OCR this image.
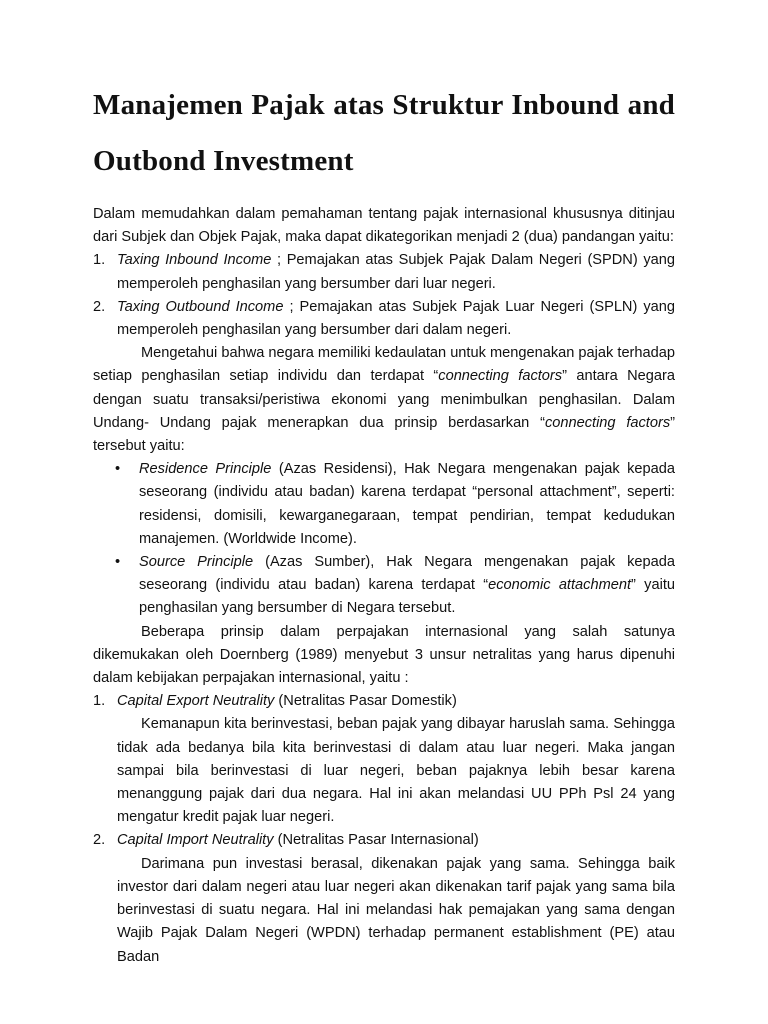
Manajemen Pajak atas Struktur Inbound and Outbond Investment

Dalam memudahkan dalam pemahaman tentang pajak internasional khususnya ditinjau dari Subjek dan Objek Pajak, maka dapat dikategorikan menjadi 2 (dua) pandangan yaitu:

1. Taxing Inbound Income ; Pemajakan atas Subjek Pajak Dalam Negeri (SPDN) yang memperoleh penghasilan yang bersumber dari luar negeri.
2. Taxing Outbound Income ; Pemajakan atas Subjek Pajak Luar Negeri (SPLN) yang memperoleh penghasilan yang bersumber dari dalam negeri.

Mengetahui bahwa negara memiliki kedaulatan untuk mengenakan pajak terhadap setiap penghasilan setiap individu dan terdapat “connecting factors” antara Negara dengan suatu transaksi/peristiwa ekonomi yang menimbulkan penghasilan. Dalam Undang- Undang pajak menerapkan dua prinsip berdasarkan “connecting factors” tersebut yaitu:

•	Residence Principle (Azas Residensi), Hak Negara mengenakan pajak kepada seseorang (individu atau badan) karena terdapat “personal attachment”, seperti: residensi, domisili, kewarganegaraan, tempat pendirian, tempat kedudukan manajemen. (Worldwide Income).
•	Source Principle (Azas Sumber), Hak Negara mengenakan pajak kepada seseorang (individu atau badan) karena terdapat “economic attachment” yaitu penghasilan yang bersumber di Negara tersebut.

Beberapa prinsip dalam perpajakan internasional yang salah satunya dikemukakan oleh Doernberg (1989) menyebut 3 unsur netralitas yang harus dipenuhi dalam kebijakan perpajakan internasional, yaitu :

1. Capital Export Neutrality (Netralitas Pasar Domestik)

Kemanapun kita berinvestasi, beban pajak yang dibayar haruslah sama. Sehingga tidak ada bedanya bila kita berinvestasi di dalam atau luar negeri. Maka jangan sampai bila berinvestasi di luar negeri, beban pajaknya lebih besar karena menanggung pajak dari dua negara. Hal ini akan melandasi UU PPh Psl 24 yang mengatur kredit pajak luar negeri.

2. Capital Import Neutrality (Netralitas Pasar Internasional)

Darimana pun investasi berasal, dikenakan pajak yang sama. Sehingga baik investor dari dalam negeri atau luar negeri akan dikenakan tarif pajak yang sama bila berinvestasi di suatu negara. Hal ini melandasi hak pemajakan yang sama dengan Wajib Pajak Dalam Negeri (WPDN) terhadap permanent establishment (PE) atau Badan
